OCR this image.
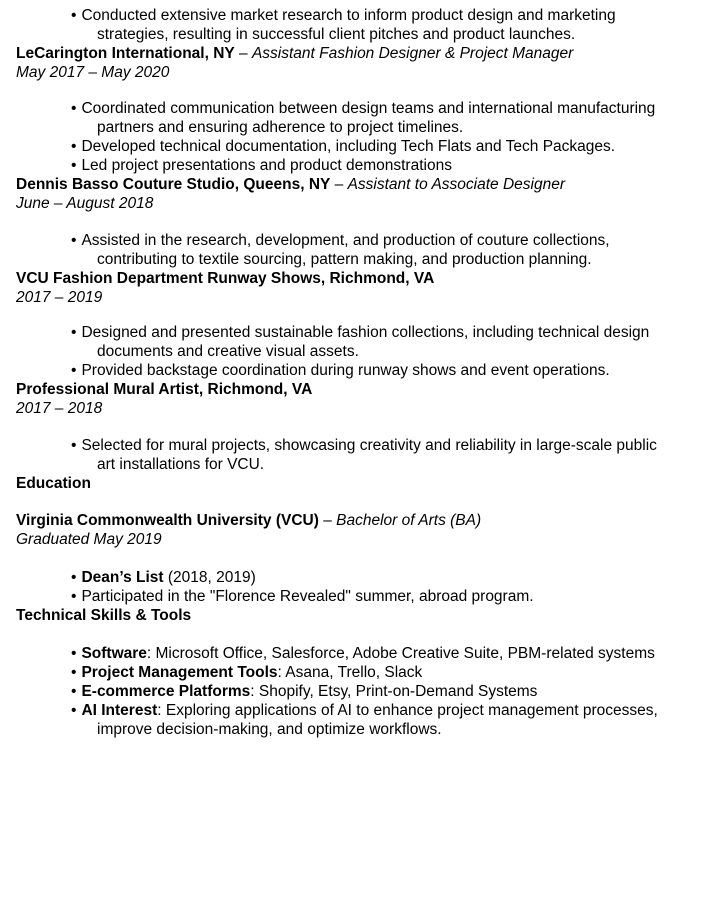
• Conducted extensive market research to inform product design and marketing strategies, resulting in successful client pitches and product launches.
LeCarington International, NY – Assistant Fashion Designer & Project Manager
May 2017 – May 2020
• Coordinated communication between design teams and international manufacturing partners and ensuring adherence to project timelines.
• Developed technical documentation, including Tech Flats and Tech Packages.
• Led project presentations and product demonstrations
Dennis Basso Couture Studio, Queens, NY – Assistant to Associate Designer
June – August 2018
• Assisted in the research, development, and production of couture collections, contributing to textile sourcing, pattern making, and production planning.
VCU Fashion Department Runway Shows, Richmond, VA
2017 – 2019
• Designed and presented sustainable fashion collections, including technical design documents and creative visual assets.
• Provided backstage coordination during runway shows and event operations.
Professional Mural Artist, Richmond, VA
2017 – 2018
• Selected for mural projects, showcasing creativity and reliability in large-scale public art installations for VCU.
Education
Virginia Commonwealth University (VCU) – Bachelor of Arts (BA)
Graduated May 2019
• Dean’s List (2018, 2019)
• Participated in the "Florence Revealed" summer, abroad program.
Technical Skills & Tools
• Software: Microsoft Office, Salesforce, Adobe Creative Suite, PBM-related systems
• Project Management Tools: Asana, Trello, Slack
• E-commerce Platforms: Shopify, Etsy, Print-on-Demand Systems
• AI Interest: Exploring applications of AI to enhance project management processes, improve decision-making, and optimize workflows.
